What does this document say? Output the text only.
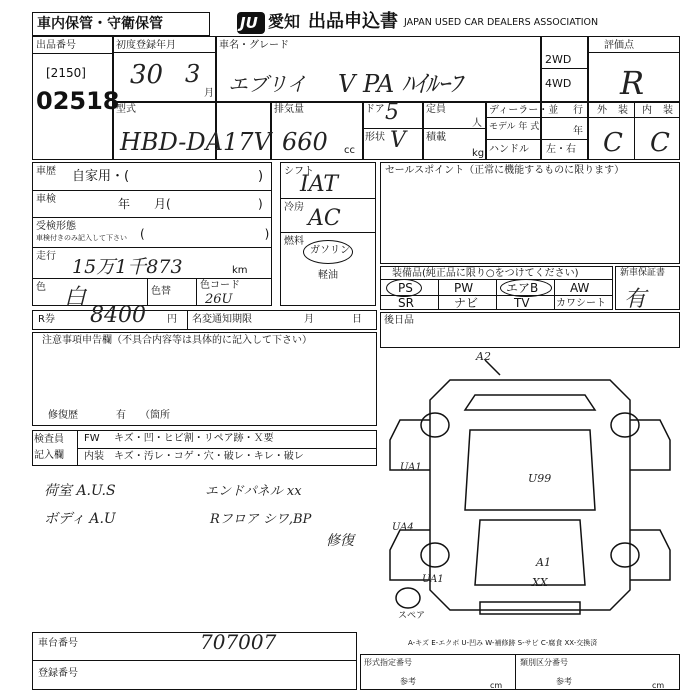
車内保管・守衛保管	JU 愛知 出品申込書 JAPAN USED CAR DEALERS ASSOCIATION
出品番号
[2150]
02518
初度登録年月
30 3
月
車名・グレード
エブリイ V PA ﾊｲﾙｰﾌ
2WD
4WD
評価点
R
外 装 内 装
C C
型式
HBD-DA17V
排気量
660 cc
ドア 5
形状 V
定員
人
積載
kg
ディーラー・並 行
モデル 年 式	年
ハンドル 左・右
車歴 自家用・(	)
車検	年　　月(	)
受検形態
車検付きのみ記入して下さい (　　　　　　　　　　)
走行 15万1千873	km
色 白	色替
色コード
26U
シフト
IAT
冷房 AC
燃料
ガソリン
軽油
セールスポイント（正常に機能するものに限ります）
装備品(純正品に限り○をつけてください)
PS	PW	エアB	AW
SR	ナビ	TV	カワシート
新車保証書
有
R券 8400 円 名変通知期限	月	日 後日品
注意事項申告欄（不具合内容等は具体的に記入して下さい）
修復歴	有 （箇所
検査員
記入欄
FW キズ・凹・ヒビ割・リペア跡・Ｘ要
内装 キズ・汚レ・コゲ・穴・破レ・キレ・破レ
荷室 A.U.S	エンドパネル xx
ボディ A.U	Rフロア シワ,BP
修復
A2
UA1
U99
UA4
UA1
A1
XX
スペア
A-キズ E-エクボ U-凹み W-補修跡 S-サビ C-腐食 XX-交換済
車台番号	707007
登録番号
形式指定番号	類別区分番号
参考	cm	参考	cm
